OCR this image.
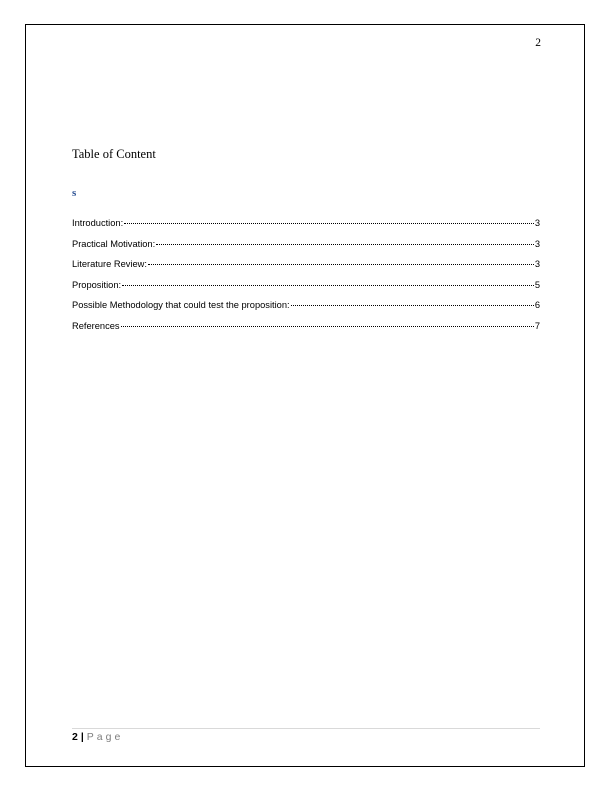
2
Table of Content
s
Introduction:	3
Practical Motivation:	3
Literature Review:	3
Proposition:	5
Possible Methodology that could test the proposition:	6
References	7
2 | Page
